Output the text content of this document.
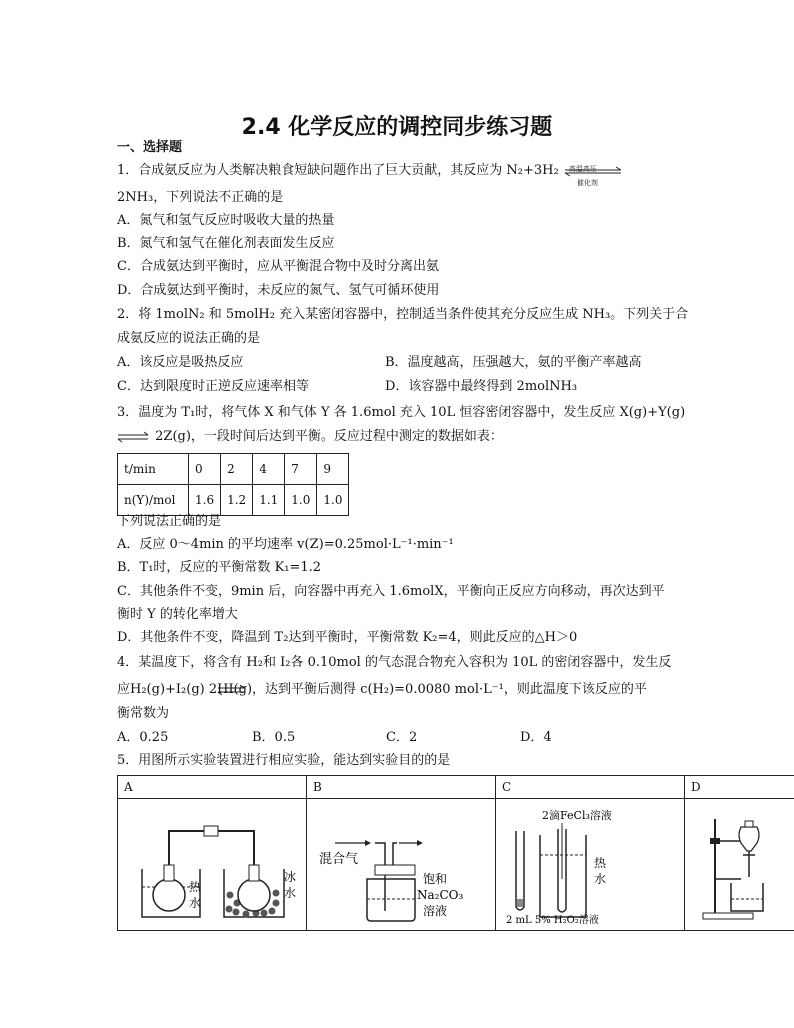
2.4 化学反应的调控同步练习题
一、选择题
1．合成氨反应为人类解决粮食短缺问题作出了巨大贡献，其反应为 N₂+3H₂ 高温高压
催化剂
2NH₃，下列说法不正确的是
A．氮气和氢气反应时吸收大量的热量
B．氮气和氢气在催化剂表面发生反应
C．合成氨达到平衡时，应从平衡混合物中及时分离出氨
D．合成氨达到平衡时，未反应的氮气、氢气可循环使用
2．将 1molN₂ 和 5molH₂ 充入某密闭容器中，控制适当条件使其充分反应生成 NH₃。下列关于合
成氨反应的说法正确的是
A．该反应是吸热反应	B．温度越高，压强越大，氨的平衡产率越高
C．达到限度时正逆反应速率相等	D．该容器中最终得到 2molNH₃
3．温度为 T₁时，将气体 X 和气体 Y 各 1.6mol 充入 10L 恒容密闭容器中，发生反应 X(g)+Y(g)
⇌ 2Z(g)，一段时间后达到平衡。反应过程中测定的数据如表：
t/min	0	2	4	7	9
n(Y)/mol	1.6	1.2	1.1	1.0	1.0
下列说法正确的是
A．反应 0～4min 的平均速率 v(Z)=0.25mol·L⁻¹·min⁻¹
B．T₁时，反应的平衡常数 K₁=1.2
C．其他条件不变，9min 后，向容器中再充入 1.6molX，平衡向正反应方向移动，再次达到平
衡时 Y 的转化率增大
D．其他条件不变，降温到 T₂达到平衡时，平衡常数 K₂=4，则此反应的△H＞0
4．某温度下，将含有 H₂和 I₂各 0.10mol 的气态混合物充入容积为 10L 的密闭容器中，发生反
应H₂(g)+I₂(g) 2HI(g)，达到平衡后测得 c(H₂)=0.0080 mol·L⁻¹，则此温度下该反应的平
衡常数为
A．0.25	B．0.5	C．2	D．4
5．用图所示实验装置进行相应实验，能达到实验目的的是
A	B	C	D

热
水
冰
水	混合气
饱和
Na₂CO₃
溶液	2滴FeCl₃溶液
热
水
2 mL 5% H₂O₂溶液
